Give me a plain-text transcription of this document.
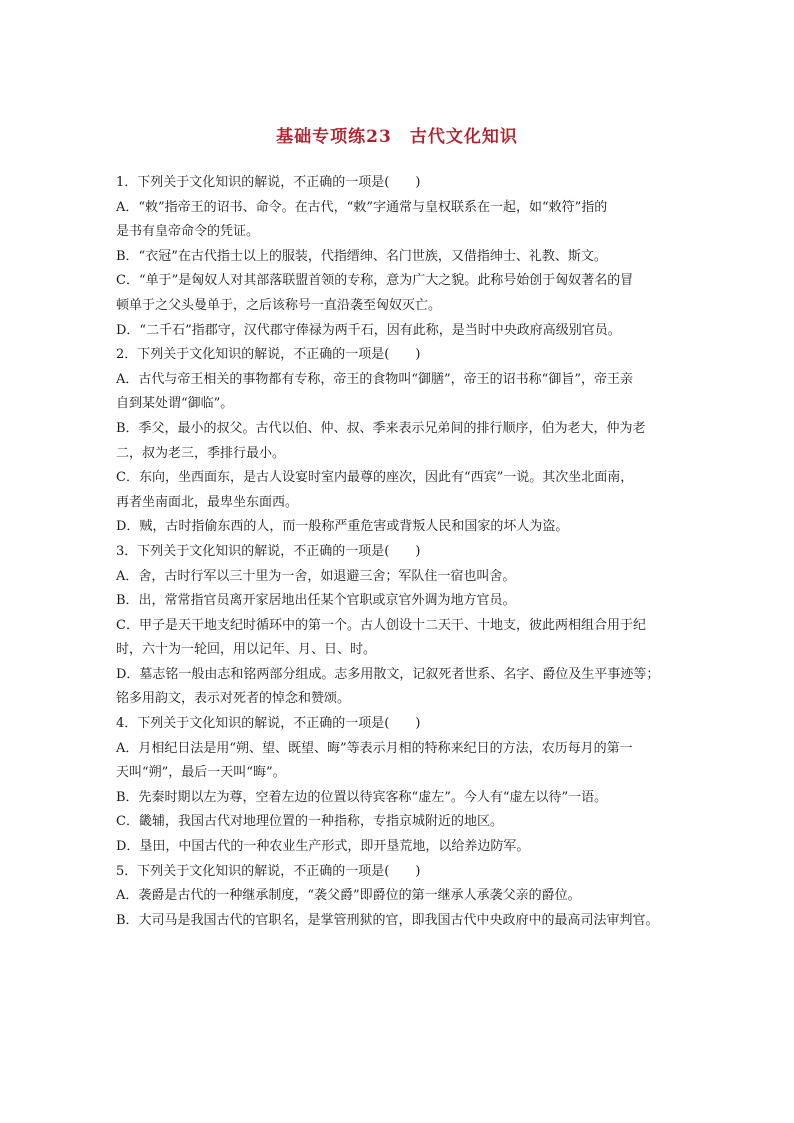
基础专项练23　古代文化知识
1．下列关于文化知识的解说，不正确的一项是(　　)
A．“敕”指帝王的诏书、命令。在古代，“敕”字通常与皇权联系在一起，如“敕符”指的
是书有皇帝命令的凭证。
B．“衣冠”在古代指士以上的服装，代指缙绅、名门世族，又借指绅士、礼教、斯文。
C．“单于”是匈奴人对其部落联盟首领的专称，意为广大之貌。此称号始创于匈奴著名的冒
顿单于之父头曼单于，之后该称号一直沿袭至匈奴灭亡。
D．“二千石”指郡守，汉代郡守俸禄为两千石，因有此称，是当时中央政府高级别官员。
2．下列关于文化知识的解说，不正确的一项是(　　)
A．古代与帝王相关的事物都有专称，帝王的食物叫“御膳”，帝王的诏书称“御旨”，帝王亲
自到某处谓“御临”。
B．季父，最小的叔父。古代以伯、仲、叔、季来表示兄弟间的排行顺序，伯为老大，仲为老
二，叔为老三，季排行最小。
C．东向，坐西面东，是古人设宴时室内最尊的座次，因此有“西宾”一说。其次坐北面南，
再者坐南面北，最卑坐东面西。
D．贼，古时指偷东西的人，而一般称严重危害或背叛人民和国家的坏人为盗。
3．下列关于文化知识的解说，不正确的一项是(　　)
A．舍，古时行军以三十里为一舍，如退避三舍；军队住一宿也叫舍。
B．出，常常指官员离开家居地出任某个官职或京官外调为地方官员。
C．甲子是天干地支纪时循环中的第一个。古人创设十二天干、十地支，彼此两相组合用于纪
时，六十为一轮回，用以记年、月、日、时。
D．墓志铭一般由志和铭两部分组成。志多用散文，记叙死者世系、名字、爵位及生平事迹等；
铭多用韵文，表示对死者的悼念和赞颂。
4．下列关于文化知识的解说，不正确的一项是(　　)
A．月相纪日法是用“朔、望、既望、晦”等表示月相的特称来纪日的方法，农历每月的第一
天叫“朔”，最后一天叫“晦”。
B．先秦时期以左为尊，空着左边的位置以待宾客称“虚左”。今人有“虚左以待”一语。
C．畿辅，我国古代对地理位置的一种指称，专指京城附近的地区。
D．垦田，中国古代的一种农业生产形式，即开垦荒地，以给养边防军。
5．下列关于文化知识的解说，不正确的一项是(　　)
A．袭爵是古代的一种继承制度，“袭父爵”即爵位的第一继承人承袭父亲的爵位。
B．大司马是我国古代的官职名，是掌管刑狱的官，即我国古代中央政府中的最高司法审判官。
